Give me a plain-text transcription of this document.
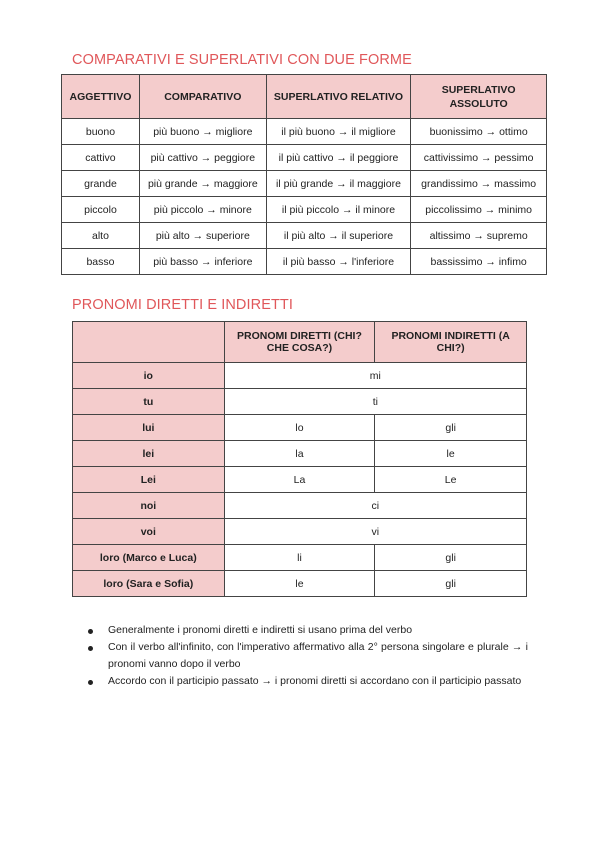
COMPARATIVI E SUPERLATIVI CON DUE FORME
AGGETTIVO	COMPARATIVO	SUPERLATIVO RELATIVO	SUPERLATIVO ASSOLUTO
buono	più buono → migliore	il più buono → il migliore	buonissimo → ottimo
cattivo	più cattivo → peggiore	il più cattivo → il peggiore	cattivissimo → pessimo
grande	più grande → maggiore	il più grande → il maggiore	grandissimo → massimo
piccolo	più piccolo → minore	il più piccolo → il minore	piccolissimo → minimo
alto	più alto → superiore	il più alto → il superiore	altissimo → supremo
basso	più basso → inferiore	il più basso → l'inferiore	bassissimo → infimo
PRONOMI DIRETTI E INDIRETTI
	PRONOMI DIRETTI (CHI? CHE COSA?)	PRONOMI INDIRETTI (A CHI?)
io	mi	
tu	ti	
lui	lo	gli
lei	la	le
Lei	La	Le
noi	ci	
voi	vi	
loro (Marco e Luca)	li	gli
loro (Sara e Sofia)	le	gli
Generalmente i pronomi diretti e indiretti si usano prima del verbo
Con il verbo all'infinito, con l'imperativo affermativo alla 2° persona singolare e plurale → i pronomi vanno dopo il verbo
Accordo con il participio passato → i pronomi diretti si accordano con il participio passato
